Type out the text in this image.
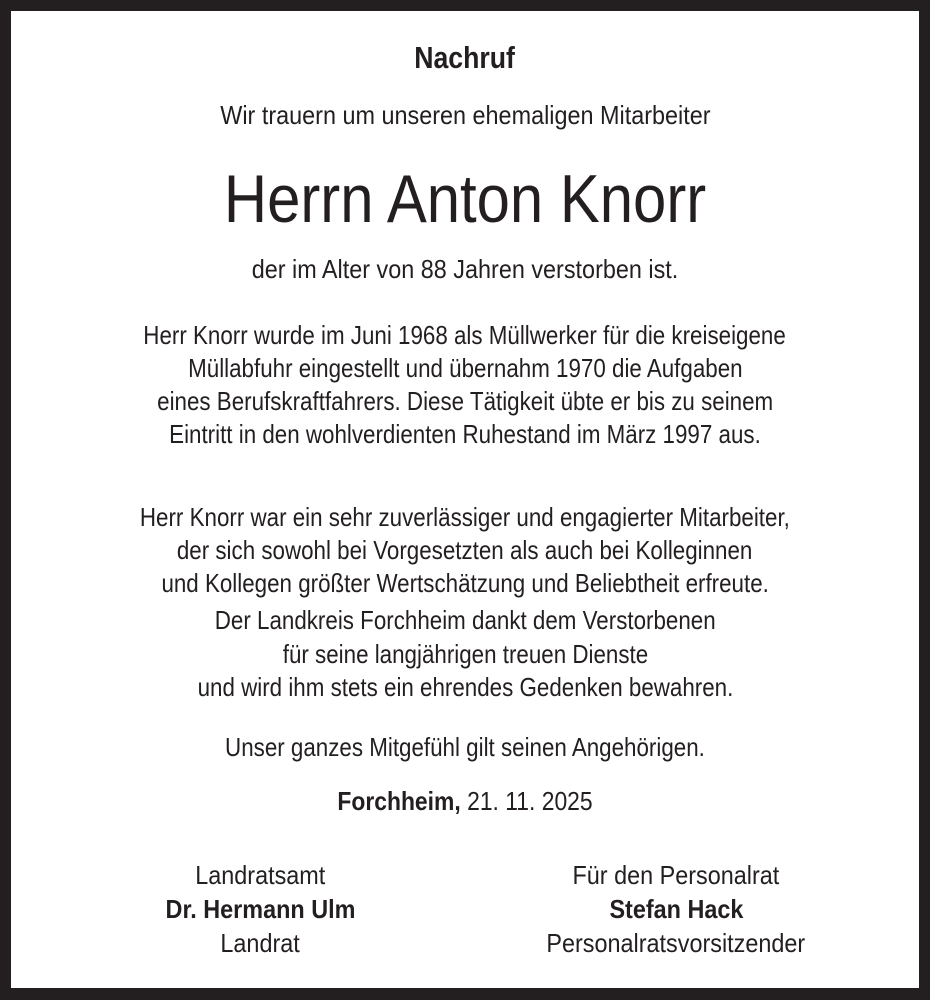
Nachruf
Wir trauern um unseren ehemaligen Mitarbeiter
Herrn Anton Knorr
der im Alter von 88 Jahren verstorben ist.
Herr Knorr wurde im Juni 1968 als Müllwerker für die kreiseigene
Müllabfuhr eingestellt und übernahm 1970 die Aufgaben
eines Berufskraftfahrers. Diese Tätigkeit übte er bis zu seinem
Eintritt in den wohlverdienten Ruhestand im März 1997 aus.
Herr Knorr war ein sehr zuverlässiger und engagierter Mitarbeiter,
der sich sowohl bei Vorgesetzten als auch bei Kolleginnen
und Kollegen größter Wertschätzung und Beliebtheit erfreute.
Der Landkreis Forchheim dankt dem Verstorbenen
für seine langjährigen treuen Dienste
und wird ihm stets ein ehrendes Gedenken bewahren.
Unser ganzes Mitgefühl gilt seinen Angehörigen.
Forchheim, 21. 11. 2025
Landratsamt
Dr. Hermann Ulm
Landrat
Für den Personalrat
Stefan Hack
Personalratsvorsitzender
